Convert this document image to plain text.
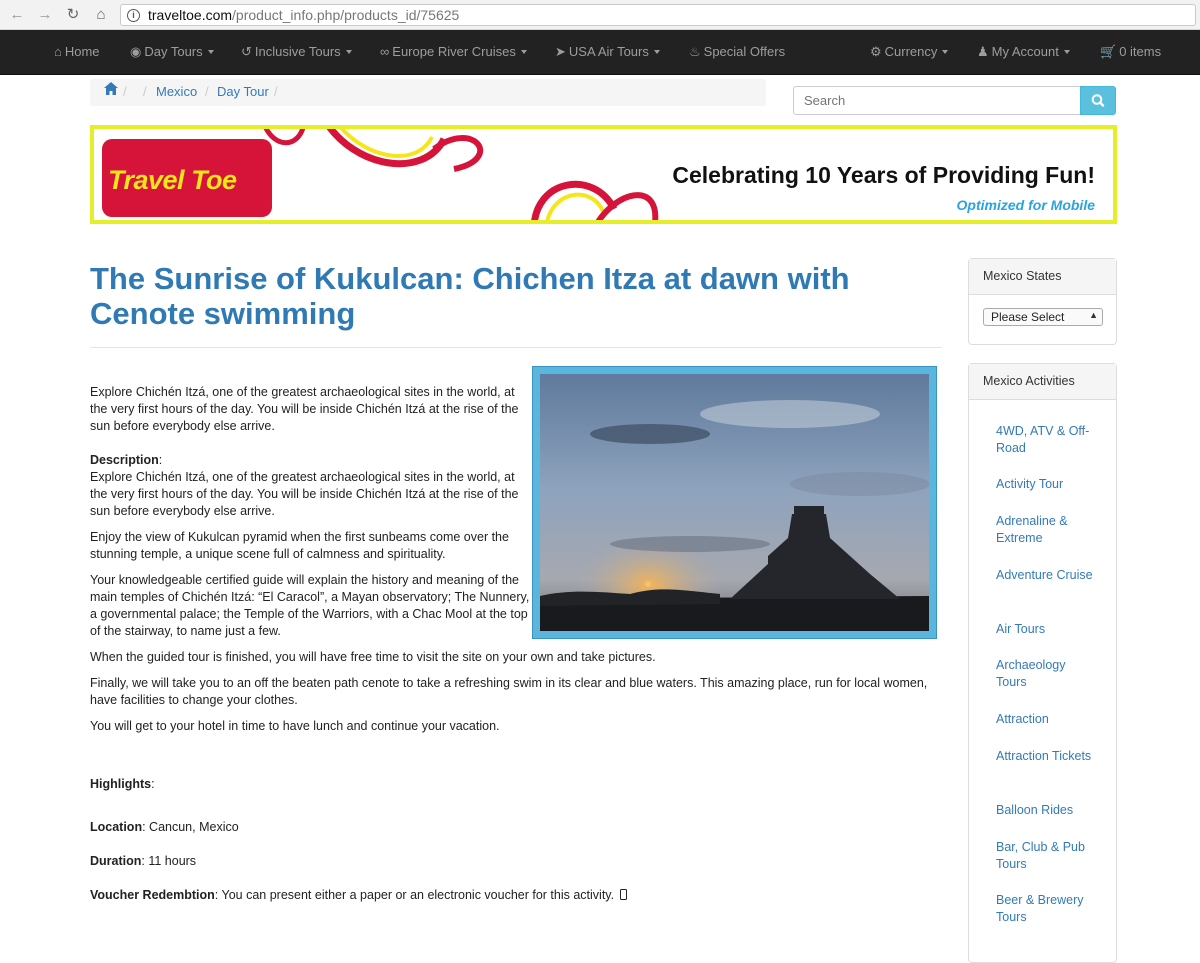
← → ↻ ⌂	i traveltoe.com/product_info.php/products_id/75625
⌂ Home ◉ Day Tours	↺ Inclusive Tours	∞ Europe River Cruises	➤ USA Air Tours	♨ Special Offers	⚙ Currency	♟ My Account	🛒 0 items
/ / Mexico / Day Tour /
Search
Travel Toe	Celebrating 10 Years of Providing Fun!
Optimized for Mobile
The Sunrise of Kukulcan: Chichen Itza at dawn with Cenote swimming

Explore Chichén Itzá, one of the greatest archaeological sites in the world, at the very first hours of the day. You will be inside Chichén Itzá at the rise of the sun before everybody else arrive.

Description:
Explore Chichén Itzá, one of the greatest archaeological sites in the world, at the very first hours of the day. You will be inside Chichén Itzá at the rise of the sun before everybody else arrive.

Enjoy the view of Kukulcan pyramid when the first sunbeams come over the stunning temple, a unique scene full of calmness and spirituality.

Your knowledgeable certified guide will explain the history and meaning of the main temples of Chichén Itzá: “El Caracol”, a Mayan observatory; The Nunnery, a governmental palace; the Temple of the Warriors, with a Chac Mool at the top of the stairway, to name just a few.

When the guided tour is finished, you will have free time to visit the site on your own and take pictures.

Finally, we will take you to an off the beaten path cenote to take a refreshing swim in its clear and blue waters. This amazing place, run for local women, have facilities to change your clothes.

You will get to your hotel in time to have lunch and continue your vacation.

Highlights:
Location: Cancun, Mexico
Duration: 11 hours
Voucher Redembtion: You can present either a paper or an electronic voucher for this activity.
Mexico States
Please Select	▲

Mexico Activities
4WD, ATV & Off-Road
Activity Tour
Adrenaline & Extreme
Adventure Cruise
Air Tours
Archaeology Tours
Attraction
Attraction Tickets
Balloon Rides
Bar, Club & Pub Tours
Beer & Brewery Tours
